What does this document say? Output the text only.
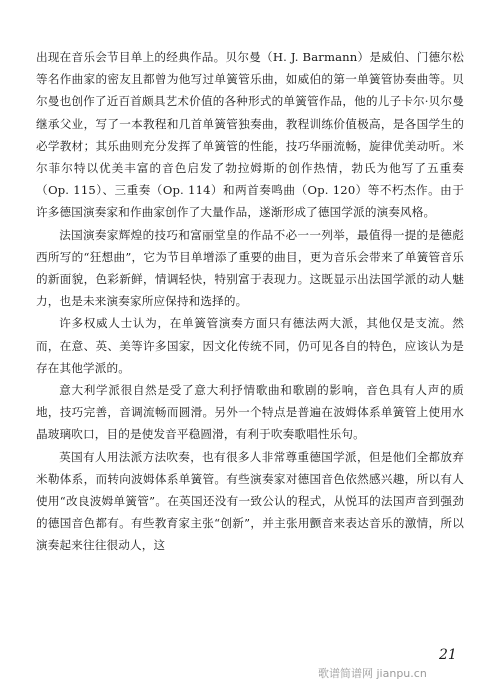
出现在音乐会节目单上的经典作品。贝尔曼（H. J. Barmann）是威伯、门德尔松等名作曲家的密友且都曾为他写过单簧管乐曲，如威伯的第一单簧管协奏曲等。贝尔曼也创作了近百首颇具艺术价值的各种形式的单簧管作品，他的儿子卡尔·贝尔曼继承父业，写了一本教程和几首单簧管独奏曲，教程训练价值极高，是各国学生的必学教材；其乐曲则充分发挥了单簧管的性能，技巧华丽流畅，旋律优美动听。米尔菲尔特以优美丰富的音色启发了勃拉姆斯的创作热情，勃氏为他写了五重奏（Op. 115）、三重奏（Op. 114）和两首奏鸣曲（Op. 120）等不朽杰作。由于许多德国演奏家和作曲家创作了大量作品，遂渐形成了德国学派的演奏风格。

法国演奏家辉煌的技巧和富丽堂皇的作品不必一一列举，最值得一提的是德彪西所写的“狂想曲”，它为节目单增添了重要的曲目，更为音乐会带来了单簧管音乐的新面貌，色彩新鲜，情调轻快，特别富于表现力。这既显示出法国学派的动人魅力，也是未来演奏家所应保持和选择的。

许多权威人士认为，在单簧管演奏方面只有德法两大派，其他仅是支流。然而，在意、英、美等许多国家，因文化传统不同，仍可见各自的特色，应该认为是存在其他学派的。

意大利学派很自然是受了意大利抒情歌曲和歌剧的影响，音色具有人声的质地，技巧完善，音调流畅而圆滑。另外一个特点是普遍在波姆体系单簧管上使用水晶玻璃吹口，目的是使发音平稳圆滑，有利于吹奏歌唱性乐句。

英国有人用法派方法吹奏，也有很多人非常尊重德国学派，但是他们全都放弃米勒体系，而转向波姆体系单簧管。有些演奏家对德国音色依然感兴趣，所以有人使用“改良波姆单簧管”。在英国还没有一致公认的程式，从悦耳的法国声音到强劲的德国音色都有。有些教育家主张“创新”，并主张用颤音来表达音乐的激情，所以演奏起来往往很动人，这

21
歌谱简谱网 jianpu.cn
